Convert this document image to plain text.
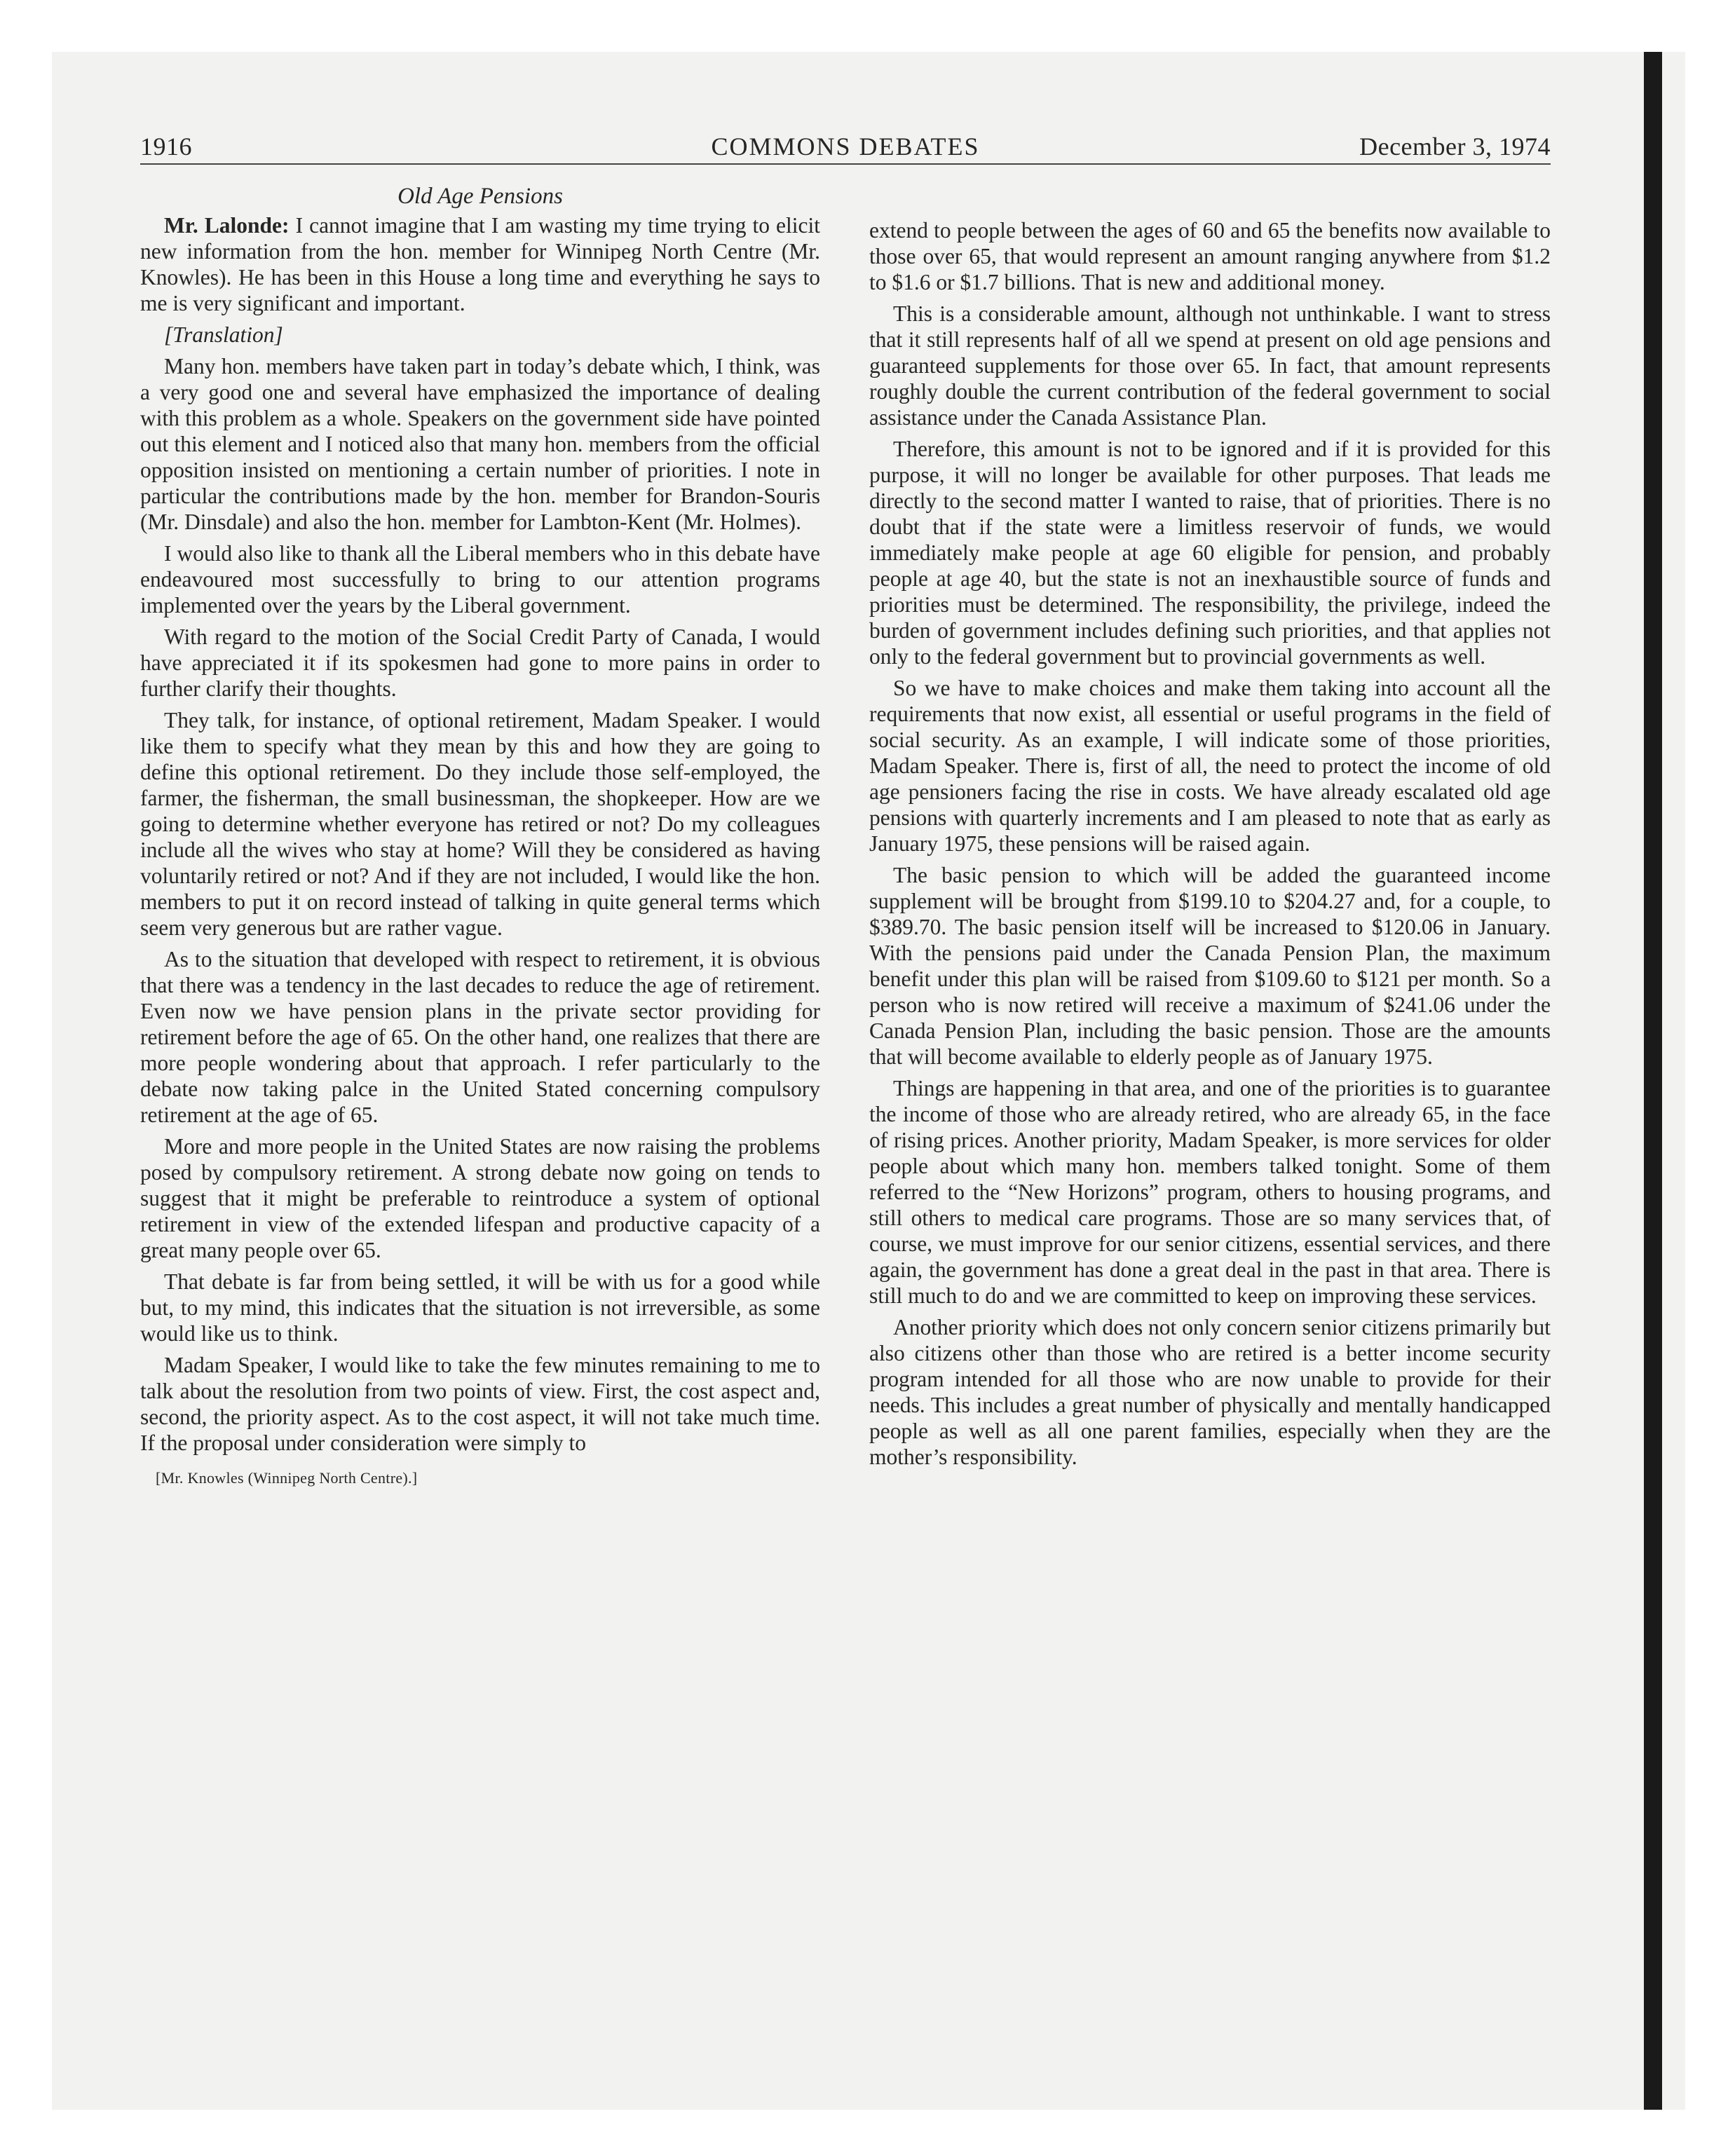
1916	COMMONS DEBATES	December 3, 1974
Old Age Pensions

Mr. Lalonde: I cannot imagine that I am wasting my time trying to elicit new information from the hon. member for Winnipeg North Centre (Mr. Knowles). He has been in this House a long time and everything he says to me is very significant and important.

[Translation]

Many hon. members have taken part in today’s debate which, I think, was a very good one and several have emphasized the importance of dealing with this problem as a whole. Speakers on the government side have pointed out this element and I noticed also that many hon. members from the official opposition insisted on mentioning a certain number of priorities. I note in particular the contributions made by the hon. member for Brandon-Souris (Mr. Dinsdale) and also the hon. member for Lambton-Kent (Mr. Holmes).

I would also like to thank all the Liberal members who in this debate have endeavoured most successfully to bring to our attention programs implemented over the years by the Liberal government.

With regard to the motion of the Social Credit Party of Canada, I would have appreciated it if its spokesmen had gone to more pains in order to further clarify their thoughts.

They talk, for instance, of optional retirement, Madam Speaker. I would like them to specify what they mean by this and how they are going to define this optional retirement. Do they include those self-employed, the farmer, the fisherman, the small businessman, the shopkeeper. How are we going to determine whether everyone has retired or not? Do my colleagues include all the wives who stay at home? Will they be considered as having voluntarily retired or not? And if they are not included, I would like the hon. members to put it on record instead of talking in quite general terms which seem very generous but are rather vague.

As to the situation that developed with respect to retirement, it is obvious that there was a tendency in the last decades to reduce the age of retirement. Even now we have pension plans in the private sector providing for retirement before the age of 65. On the other hand, one realizes that there are more people wondering about that approach. I refer particularly to the debate now taking palce in the United Stated concerning compulsory retirement at the age of 65.

More and more people in the United States are now raising the problems posed by compulsory retirement. A strong debate now going on tends to suggest that it might be preferable to reintroduce a system of optional retirement in view of the extended lifespan and productive capacity of a great many people over 65.

That debate is far from being settled, it will be with us for a good while but, to my mind, this indicates that the situation is not irreversible, as some would like us to think.

Madam Speaker, I would like to take the few minutes remaining to me to talk about the resolution from two points of view. First, the cost aspect and, second, the priority aspect. As to the cost aspect, it will not take much time. If the proposal under consideration were simply to

[Mr. Knowles (Winnipeg North Centre).]

extend to people between the ages of 60 and 65 the benefits now available to those over 65, that would represent an amount ranging anywhere from $1.2 to $1.6 or $1.7 billions. That is new and additional money.

This is a considerable amount, although not unthinkable. I want to stress that it still represents half of all we spend at present on old age pensions and guaranteed supplements for those over 65. In fact, that amount represents roughly double the current contribution of the federal government to social assistance under the Canada Assistance Plan.

Therefore, this amount is not to be ignored and if it is provided for this purpose, it will no longer be available for other purposes. That leads me directly to the second matter I wanted to raise, that of priorities. There is no doubt that if the state were a limitless reservoir of funds, we would immediately make people at age 60 eligible for pension, and probably people at age 40, but the state is not an inexhaustible source of funds and priorities must be determined. The responsibility, the privilege, indeed the burden of government includes defining such priorities, and that applies not only to the federal government but to provincial governments as well.

So we have to make choices and make them taking into account all the requirements that now exist, all essential or useful programs in the field of social security. As an example, I will indicate some of those priorities, Madam Speaker. There is, first of all, the need to protect the income of old age pensioners facing the rise in costs. We have already escalated old age pensions with quarterly increments and I am pleased to note that as early as January 1975, these pensions will be raised again.

The basic pension to which will be added the guaranteed income supplement will be brought from $199.10 to $204.27 and, for a couple, to $389.70. The basic pension itself will be increased to $120.06 in January. With the pensions paid under the Canada Pension Plan, the maximum benefit under this plan will be raised from $109.60 to $121 per month. So a person who is now retired will receive a maximum of $241.06 under the Canada Pension Plan, including the basic pension. Those are the amounts that will become available to elderly people as of January 1975.

Things are happening in that area, and one of the priorities is to guarantee the income of those who are already retired, who are already 65, in the face of rising prices. Another priority, Madam Speaker, is more services for older people about which many hon. members talked tonight. Some of them referred to the “New Horizons” program, others to housing programs, and still others to medical care programs. Those are so many services that, of course, we must improve for our senior citizens, essential services, and there again, the government has done a great deal in the past in that area. There is still much to do and we are committed to keep on improving these services.

Another priority which does not only concern senior citizens primarily but also citizens other than those who are retired is a better income security program intended for all those who are now unable to provide for their needs. This includes a great number of physically and mentally handicapped people as well as all one parent families, especially when they are the mother’s responsibility.
